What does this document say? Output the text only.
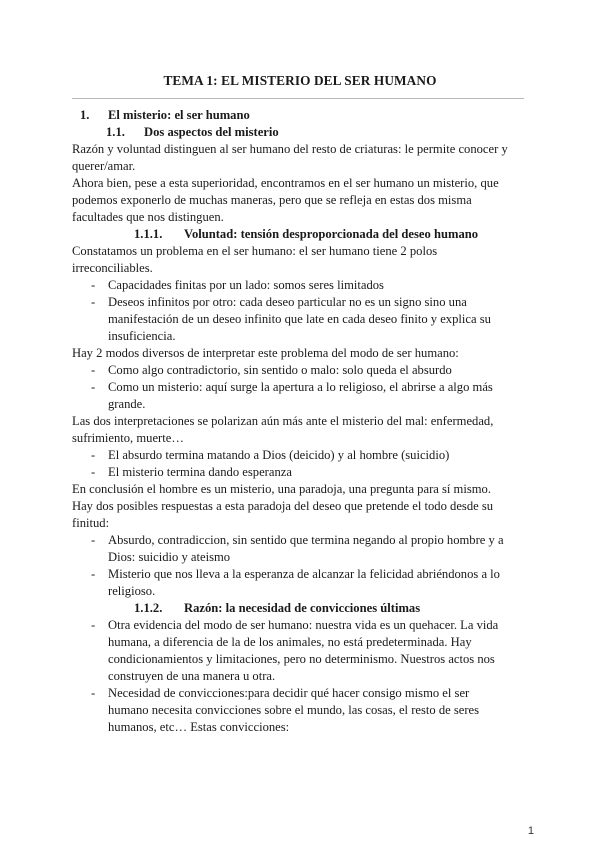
TEMA 1: EL MISTERIO DEL SER HUMANO
1. El misterio: el ser humano
1.1. Dos aspectos del misterio
Razón y voluntad distinguen al ser humano del resto de criaturas: le permite conocer y
querer/amar.
Ahora bien, pese a esta superioridad, encontramos en el ser humano un misterio, que
podemos exponerlo de muchas maneras, pero que se refleja en estas dos misma
facultades que nos distinguen.
1.1.1. Voluntad: tensión desproporcionada del deseo humano
Constatamos un problema en el ser humano: el ser humano tiene 2 polos
irreconciliables.
- Capacidades finitas por un lado: somos seres limitados
- Deseos infinitos por otro: cada deseo particular no es un signo sino una
manifestación de un deseo infinito que late en cada deseo finito y explica su
insuficiencia.
Hay 2 modos diversos de interpretar este problema del modo de ser humano:
- Como algo contradictorio, sin sentido o malo: solo queda el absurdo
- Como un misterio: aquí surge la apertura a lo religioso, el abrirse a algo más
grande.
Las dos interpretaciones se polarizan aún más ante el misterio del mal: enfermedad,
sufrimiento, muerte…
- El absurdo termina matando a Dios (deicido) y al hombre (suicidio)
- El misterio termina dando esperanza
En conclusión el hombre es un misterio, una paradoja, una pregunta para sí mismo.
Hay dos posibles respuestas a esta paradoja del deseo que pretende el todo desde su
finitud:
- Absurdo, contradiccion, sin sentido que termina negando al propio hombre y a
Dios: suicidio y ateismo
- Misterio que nos lleva a la esperanza de alcanzar la felicidad abriéndonos a lo
religioso.
1.1.2. Razón: la necesidad de convicciones últimas
- Otra evidencia del modo de ser humano: nuestra vida es un quehacer. La vida
humana, a diferencia de la de los animales, no está predeterminada. Hay
condicionamientos y limitaciones, pero no determinismo. Nuestros actos nos
construyen de una manera u otra.
- Necesidad de convicciones:para decidir qué hacer consigo mismo el ser
humano necesita convicciones sobre el mundo, las cosas, el resto de seres
humanos, etc… Estas convicciones:
1
